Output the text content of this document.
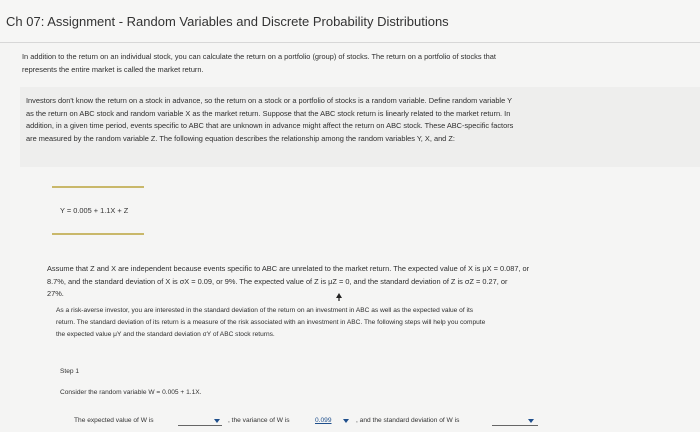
Ch 07: Assignment - Random Variables and Discrete Probability Distributions
In addition to the return on an individual stock, you can calculate the return on a portfolio (group) of stocks. The return on a portfolio of stocks that
represents the entire market is called the market return.
Investors don't know the return on a stock in advance, so the return on a stock or a portfolio of stocks is a random variable. Define random variable Y
as the return on ABC stock and random variable X as the market return. Suppose that the ABC stock return is linearly related to the market return. In
addition, in a given time period, events specific to ABC that are unknown in advance might affect the return on ABC stock. These ABC-specific factors
are measured by the random variable Z. The following equation describes the relationship among the random variables Y, X, and Z:
Y = 0.005 + 1.1X + Z
Assume that Z and X are independent because events specific to ABC are unrelated to the market return. The expected value of X is μX = 0.087, or
8.7%, and the standard deviation of X is σX = 0.09, or 9%. The expected value of Z is μZ = 0, and the standard deviation of Z is σZ = 0.27, or
27%.
As a risk-averse investor, you are interested in the standard deviation of the return on an investment in ABC as well as the expected value of its
return. The standard deviation of its return is a measure of the risk associated with an investment in ABC. The following steps will help you compute
the expected value μY and the standard deviation σY of ABC stock returns.
Step 1
Consider the random variable W = 0.005 + 1.1X.
The expected value of W is	, the variance of W is	0.099	, and the standard deviation of W is
